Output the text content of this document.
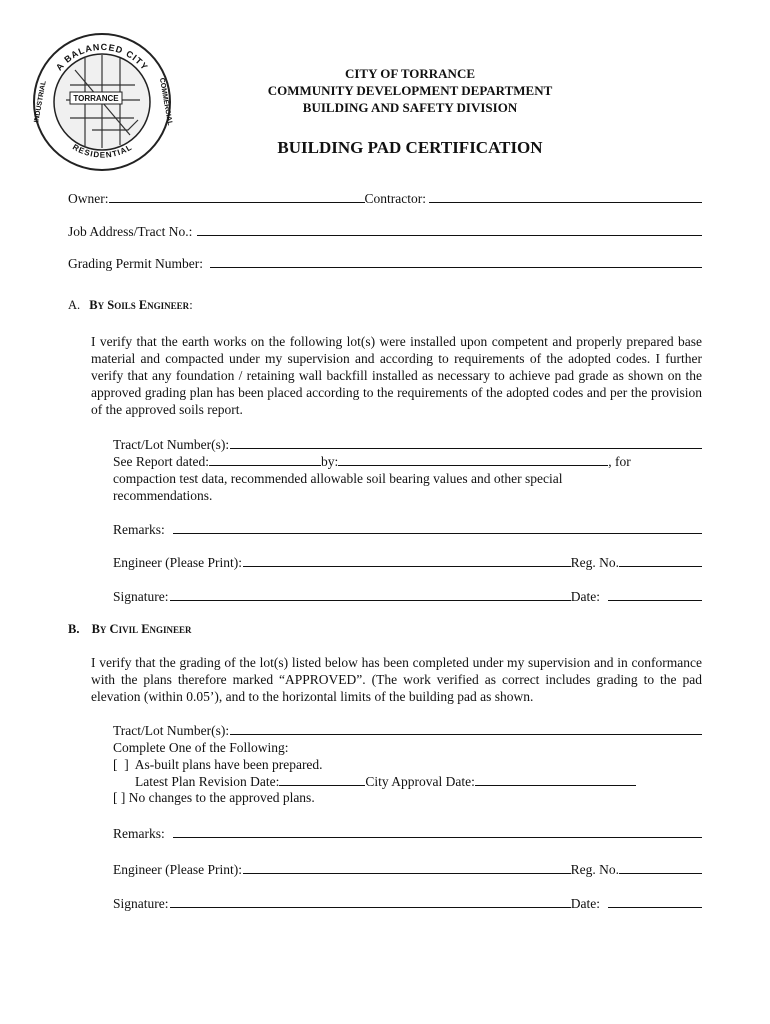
TORRANCE
A BALANCED CITY
RESIDENTIAL
INDUSTRIAL	COMMERCIAL
CITY OF TORRANCE
COMMUNITY DEVELOPMENT DEPARTMENT
BUILDING AND SAFETY DIVISION
BUILDING PAD CERTIFICATION
Owner:	Contractor:
Job Address/Tract No.:
Grading Permit Number:
A. By Soils Engineer:

I verify that the earth works on the following lot(s) were installed upon competent and properly prepared base material and compacted under my supervision and according to requirements of the adopted codes. I further verify that any foundation / retaining wall backfill installed as necessary to achieve pad grade as shown on the approved grading plan has been placed according to the requirements of the adopted codes and per the provision of the approved soils report.

Tract/Lot Number(s):
See Report dated:	by:	, for
compaction test data, recommended allowable soil bearing values and other special recommendations.
Remarks:
Engineer (Please Print):	Reg. No.
Signature:	Date:
B. By Civil Engineer

I verify that the grading of the lot(s) listed below has been completed under my supervision and in conformance with the plans therefore marked “APPROVED”. (The work verified as correct includes grading to the pad elevation (within 0.05’), and to the horizontal limits of the building pad as shown.

Tract/Lot Number(s):
Complete One of the Following:
[  ]  As-built plans have been prepared.
Latest Plan Revision Date:	City Approval Date:
[ ] No changes to the approved plans.
Remarks:
Engineer (Please Print):	Reg. No.
Signature:	Date:
